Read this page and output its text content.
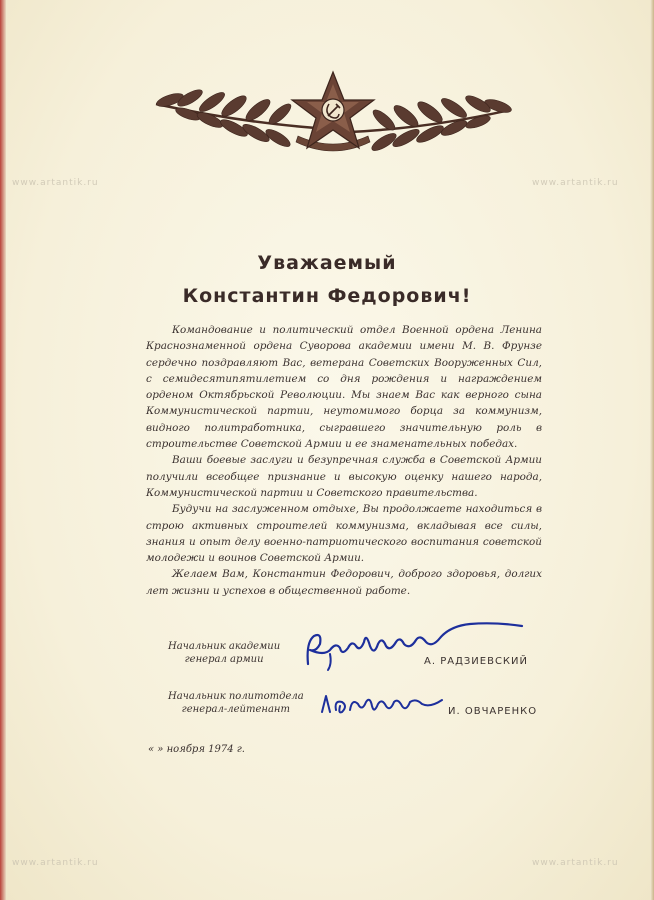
www.artantik.ru	www.artantik.ru
www.artantik.ru	www.artantik.ru
Уважаемый
Константин Федорович!

Командование и политический отдел Военной ордена Ленина Краснознаменной ордена Суворова академии имени М. В. Фрунзе сердечно поздравляют Вас, ветерана Советских Вооруженных Сил, с семидесятипятилетием со дня рождения и награждением орденом Октябрьской Революции. Мы знаем Вас как верного сына Коммунистической партии, неутомимого борца за коммунизм, видного политработника, сыгравшего значительную роль в строительстве Советской Армии и ее знаменательных победах.

Ваши боевые заслуги и безупречная служба в Советской Армии получили всеобщее признание и высокую оценку нашего народа, Коммунистической партии и Советского правительства.

Будучи на заслуженном отдыхе, Вы продолжаете находиться в строю активных строителей коммунизма, вкладывая все силы, знания и опыт делу военно-патриотического воспитания советской молодежи и воинов Советской Армии.

Желаем Вам, Константин Федорович, доброго здоровья, долгих лет жизни и успехов в общественной работе.

Начальник академии
генерал армии	А. РАДЗИЕВСКИЙ
Начальник политотдела
генерал-лейтенант	И. ОВЧАРЕНКО
« » ноября 1974 г.
